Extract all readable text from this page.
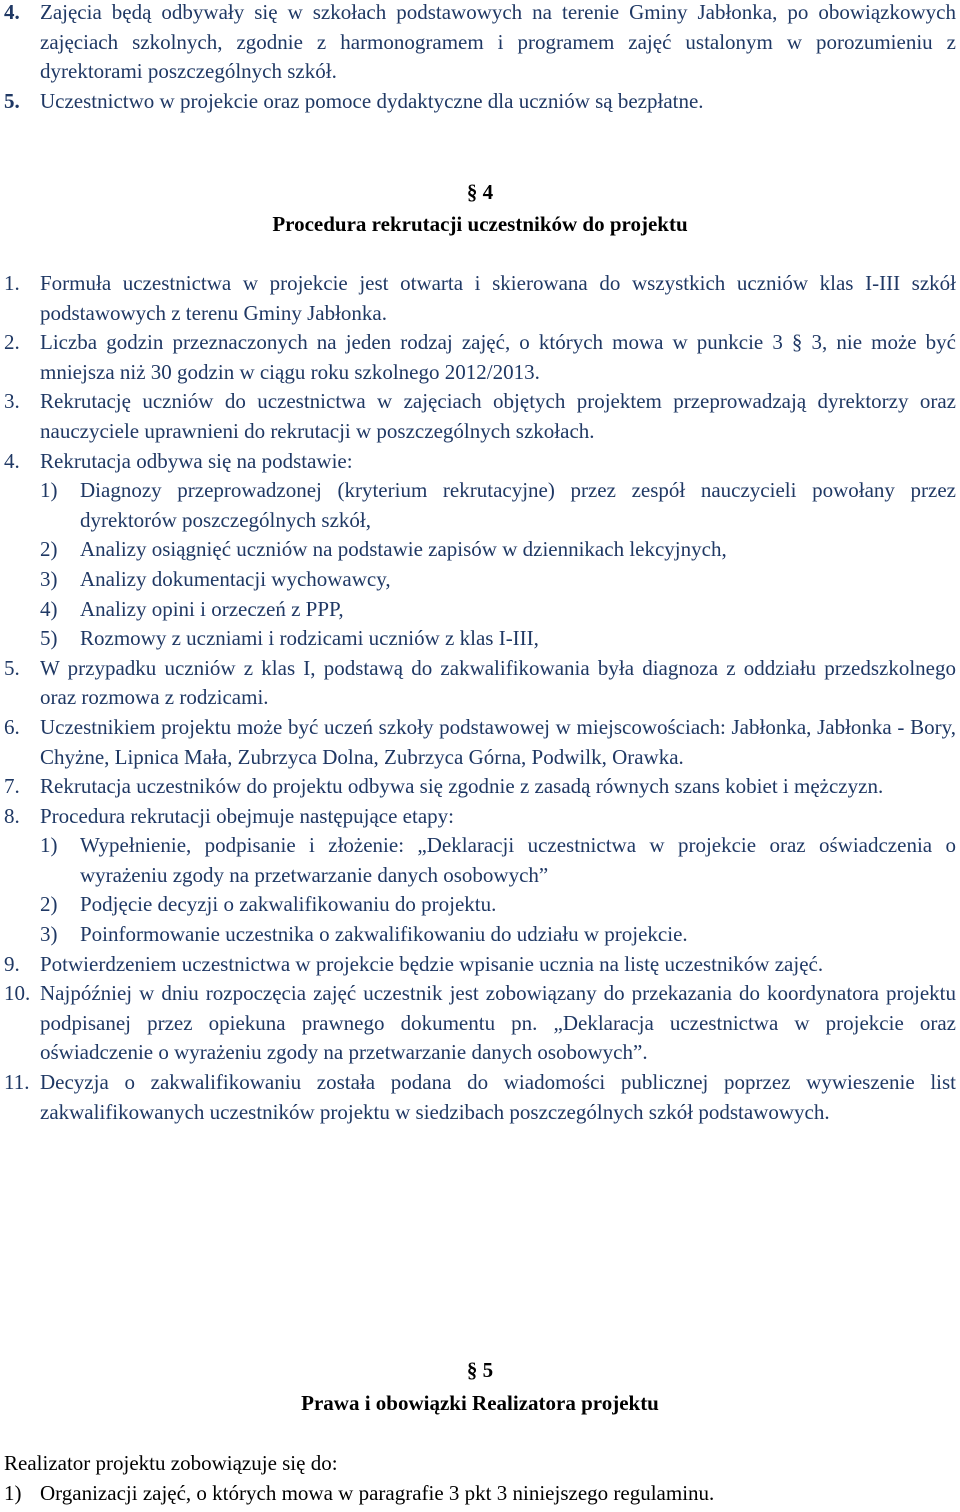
4. Zajęcia będą odbywały się w szkołach podstawowych na terenie Gminy Jabłonka, po obowiązkowych zajęciach szkolnych, zgodnie z harmonogramem i programem zajęć ustalonym w porozumieniu z dyrektorami poszczególnych szkół.
5. Uczestnictwo w projekcie oraz pomoce dydaktyczne dla uczniów są bezpłatne.
§ 4
Procedura rekrutacji uczestników do projektu
1. Formuła uczestnictwa w projekcie jest otwarta i skierowana do wszystkich uczniów klas I-III szkół podstawowych z terenu Gminy Jabłonka.
2. Liczba godzin przeznaczonych na jeden rodzaj zajęć, o których mowa w punkcie 3 § 3, nie może być mniejsza niż 30 godzin w ciągu roku szkolnego 2012/2013.
3. Rekrutację uczniów do uczestnictwa w zajęciach objętych projektem przeprowadzają dyrektorzy oraz nauczyciele uprawnieni do rekrutacji w poszczególnych szkołach.
4. Rekrutacja odbywa się na podstawie:
1) Diagnozy przeprowadzonej (kryterium rekrutacyjne) przez zespół nauczycieli powołany przez dyrektorów poszczególnych szkół,
2) Analizy osiągnięć uczniów na podstawie zapisów w dziennikach lekcyjnych,
3) Analizy dokumentacji wychowawcy,
4) Analizy opini i orzeczeń z PPP,
5) Rozmowy z uczniami i rodzicami uczniów z klas I-III,
5. W przypadku uczniów z klas I, podstawą do zakwalifikowania była diagnoza z oddziału przedszkolnego oraz rozmowa z rodzicami.
6. Uczestnikiem projektu może być uczeń szkoły podstawowej w miejscowościach: Jabłonka, Jabłonka - Bory, Chyżne, Lipnica Mała, Zubrzyca Dolna, Zubrzyca Górna, Podwilk, Orawka.
7. Rekrutacja uczestników do projektu odbywa się zgodnie z zasadą równych szans kobiet i mężczyzn.
8. Procedura rekrutacji obejmuje następujące etapy:
1) Wypełnienie, podpisanie i złożenie: „Deklaracji uczestnictwa w projekcie oraz oświadczenia o wyrażeniu zgody na przetwarzanie danych osobowych”
2) Podjęcie decyzji o zakwalifikowaniu do projektu.
3) Poinformowanie uczestnika o zakwalifikowaniu do udziału w projekcie.
9. Potwierdzeniem uczestnictwa w projekcie będzie wpisanie ucznia na listę uczestników zajęć.
10. Najpóźniej w dniu rozpoczęcia zajęć uczestnik jest zobowiązany do przekazania do koordynatora projektu podpisanej przez opiekuna prawnego dokumentu pn. „Deklaracja uczestnictwa w projekcie oraz oświadczenie o wyrażeniu zgody na przetwarzanie danych osobowych”.
11. Decyzja o zakwalifikowaniu została podana do wiadomości publicznej poprzez wywieszenie list zakwalifikowanych uczestników projektu w siedzibach poszczególnych szkół podstawowych.
§ 5
Prawa i obowiązki Realizatora projektu
Realizator projektu zobowiązuje się do:
1) Organizacji zajęć, o których mowa w paragrafie 3 pkt 3 niniejszego regulaminu.
